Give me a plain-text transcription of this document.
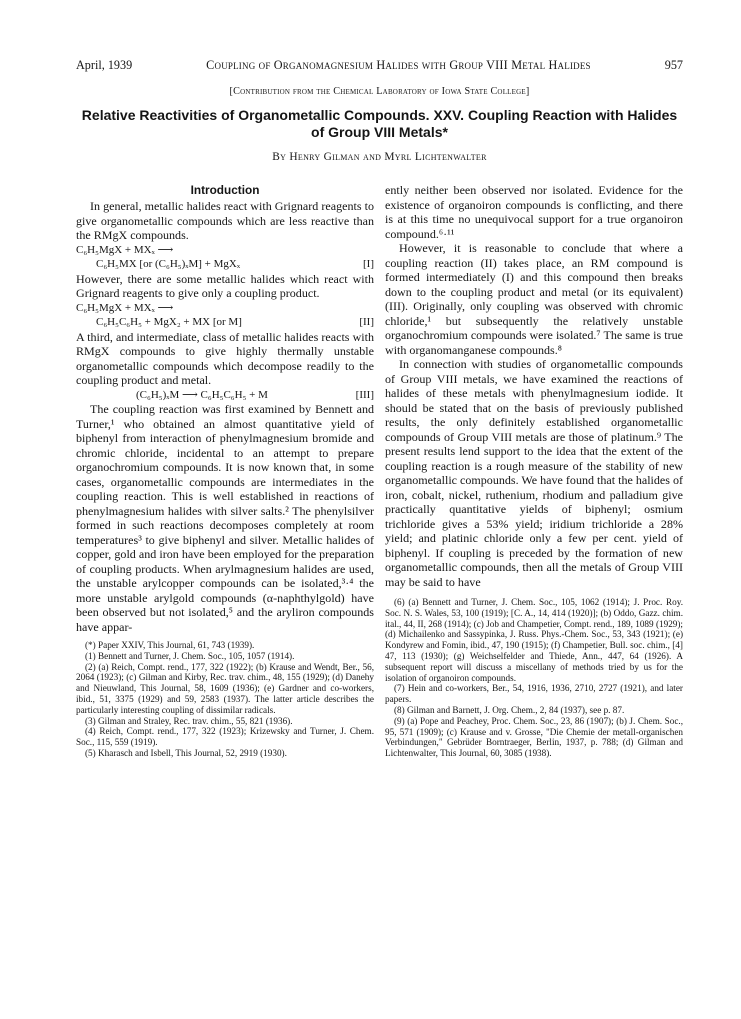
April, 1939	Coupling of Organomagnesium Halides with Group VIII Metal Halides	957
[Contribution from the Chemical Laboratory of Iowa State College]
Relative Reactivities of Organometallic Compounds. XXV. Coupling Reaction with Halides of Group VIII Metals*
By Henry Gilman and Myrl Lichtenwalter
Introduction

In general, metallic halides react with Grignard reagents to give organometallic compounds which are less reactive than the RMgX compounds.

C₆H₅MgX + MXₓ ⟶
C₆H₅MX [or (C₆H₅)ₓM] + MgXₓ	[I]

However, there are some metallic halides which react with Grignard reagents to give only a coupling product.

C₆H₅MgX + MXₓ ⟶
C₆H₅C₆H₅ + MgX₂ + MX [or M]	[II]

A third, and intermediate, class of metallic halides reacts with RMgX compounds to give highly thermally unstable organometallic compounds which decompose readily to the coupling product and metal.

(C₆H₅)ₓM ⟶ C₆H₅C₆H₅ + M	[III]

The coupling reaction was first examined by Bennett and Turner,¹ who obtained an almost quantitative yield of biphenyl from interaction of phenylmagnesium bromide and chromic chloride, incidental to an attempt to prepare organochromium compounds. It is now known that, in some cases, organometallic compounds are intermediates in the coupling reaction. This is well established in reactions of phenylmagnesium halides with silver salts.² The phenylsilver formed in such reactions decomposes completely at room temperatures³ to give biphenyl and silver. Metallic halides of copper, gold and iron have been employed for the preparation of coupling products. When arylmagnesium halides are used, the unstable arylcopper compounds can be isolated,³·⁴ the more unstable arylgold compounds (α-naphthylgold) have been observed but not isolated,⁵ and the aryliron compounds have appar-

(*) Paper XXIV, This Journal, 61, 743 (1939).
(1) Bennett and Turner, J. Chem. Soc., 105, 1057 (1914).
(2) (a) Reich, Compt. rend., 177, 322 (1922); (b) Krause and Wendt, Ber., 56, 2064 (1923); (c) Gilman and Kirby, Rec. trav. chim., 48, 155 (1929); (d) Danehy and Nieuwland, This Journal, 58, 1609 (1936); (e) Gardner and co-workers, ibid., 51, 3375 (1929) and 59, 2583 (1937). The latter article describes the particularly interesting coupling of dissimilar radicals.
(3) Gilman and Straley, Rec. trav. chim., 55, 821 (1936).
(4) Reich, Compt. rend., 177, 322 (1923); Krizewsky and Turner, J. Chem. Soc., 115, 559 (1919).
(5) Kharasch and Isbell, This Journal, 52, 2919 (1930).

ently neither been observed nor isolated. Evidence for the existence of organoiron compounds is conflicting, and there is at this time no unequivocal support for a true organoiron compound.⁶·¹¹

However, it is reasonable to conclude that where a coupling reaction (II) takes place, an RM compound is formed intermediately (I) and this compound then breaks down to the coupling product and metal (or its equivalent) (III). Originally, only coupling was observed with chromic chloride,¹ but subsequently the relatively unstable organochromium compounds were isolated.⁷ The same is true with organomanganese compounds.⁸

In connection with studies of organometallic compounds of Group VIII metals, we have examined the reactions of halides of these metals with phenylmagnesium iodide. It should be stated that on the basis of previously published results, the only definitely established organometallic compounds of Group VIII metals are those of platinum.⁹ The present results lend support to the idea that the extent of the coupling reaction is a rough measure of the stability of new organometallic compounds. We have found that the halides of iron, cobalt, nickel, ruthenium, rhodium and palladium give practically quantitative yields of biphenyl; osmium trichloride gives a 53% yield; iridium trichloride a 28% yield; and platinic chloride only a few per cent. yield of biphenyl. If coupling is preceded by the formation of new organometallic compounds, then all the metals of Group VIII may be said to have

(6) (a) Bennett and Turner, J. Chem. Soc., 105, 1062 (1914); J. Proc. Roy. Soc. N. S. Wales, 53, 100 (1919); [C. A., 14, 414 (1920)]; (b) Oddo, Gazz. chim. ital., 44, II, 268 (1914); (c) Job and Champetier, Compt. rend., 189, 1089 (1929); (d) Michailenko and Sassypinka, J. Russ. Phys.-Chem. Soc., 53, 343 (1921); (e) Kondyrew and Fomin, ibid., 47, 190 (1915); (f) Champetier, Bull. soc. chim., [4] 47, 113 (1930); (g) Weichselfelder and Thiede, Ann., 447, 64 (1926). A subsequent report will discuss a miscellany of methods tried by us for the isolation of organoiron compounds.
(7) Hein and co-workers, Ber., 54, 1916, 1936, 2710, 2727 (1921), and later papers.
(8) Gilman and Barnett, J. Org. Chem., 2, 84 (1937), see p. 87.
(9) (a) Pope and Peachey, Proc. Chem. Soc., 23, 86 (1907); (b) J. Chem. Soc., 95, 571 (1909); (c) Krause and v. Grosse, "Die Chemie der metall-organischen Verbindungen," Gebrüder Borntraeger, Berlin, 1937, p. 788; (d) Gilman and Lichtenwalter, This Journal, 60, 3085 (1938).
